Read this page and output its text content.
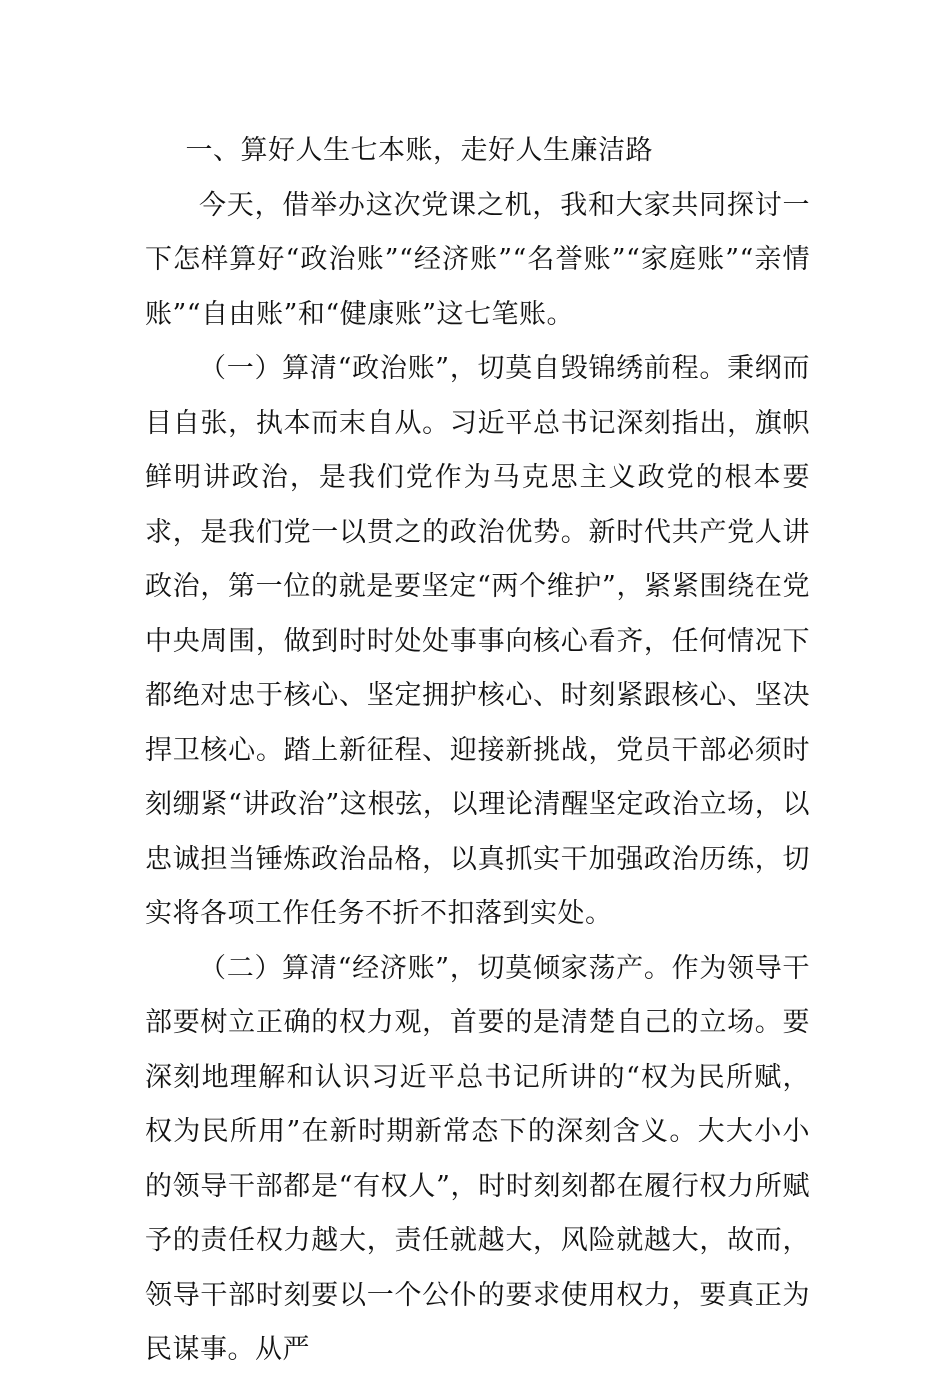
一、算好人生七本账，走好人生廉洁路

今天，借举办这次党课之机，我和大家共同探讨一下怎样算好“政治账”“经济账”“名誉账”“家庭账”“亲情账”“自由账”和“健康账”这七笔账。

（一）算清“政治账”，切莫自毁锦绣前程。秉纲而目自张，执本而末自从。习近平总书记深刻指出，旗帜鲜明讲政治，是我们党作为马克思主义政党的根本要求，是我们党一以贯之的政治优势。新时代共产党人讲政治，第一位的就是要坚定“两个维护”，紧紧围绕在党中央周围，做到时时处处事事向核心看齐，任何情况下都绝对忠于核心、坚定拥护核心、时刻紧跟核心、坚决捍卫核心。踏上新征程、迎接新挑战，党员干部必须时刻绷紧“讲政治”这根弦，以理论清醒坚定政治立场，以忠诚担当锤炼政治品格，以真抓实干加强政治历练，切实将各项工作任务不折不扣落到实处。

（二）算清“经济账”，切莫倾家荡产。作为领导干部要树立正确的权力观，首要的是清楚自己的立场。要深刻地理解和认识习近平总书记所讲的“权为民所赋，权为民所用”在新时期新常态下的深刻含义。大大小小的领导干部都是“有权人”，时时刻刻都在履行权力所赋予的责任权力越大，责任就越大，风险就越大，故而，领导干部时刻要以一个公仆的要求使用权力，要真正为民谋事。从严
